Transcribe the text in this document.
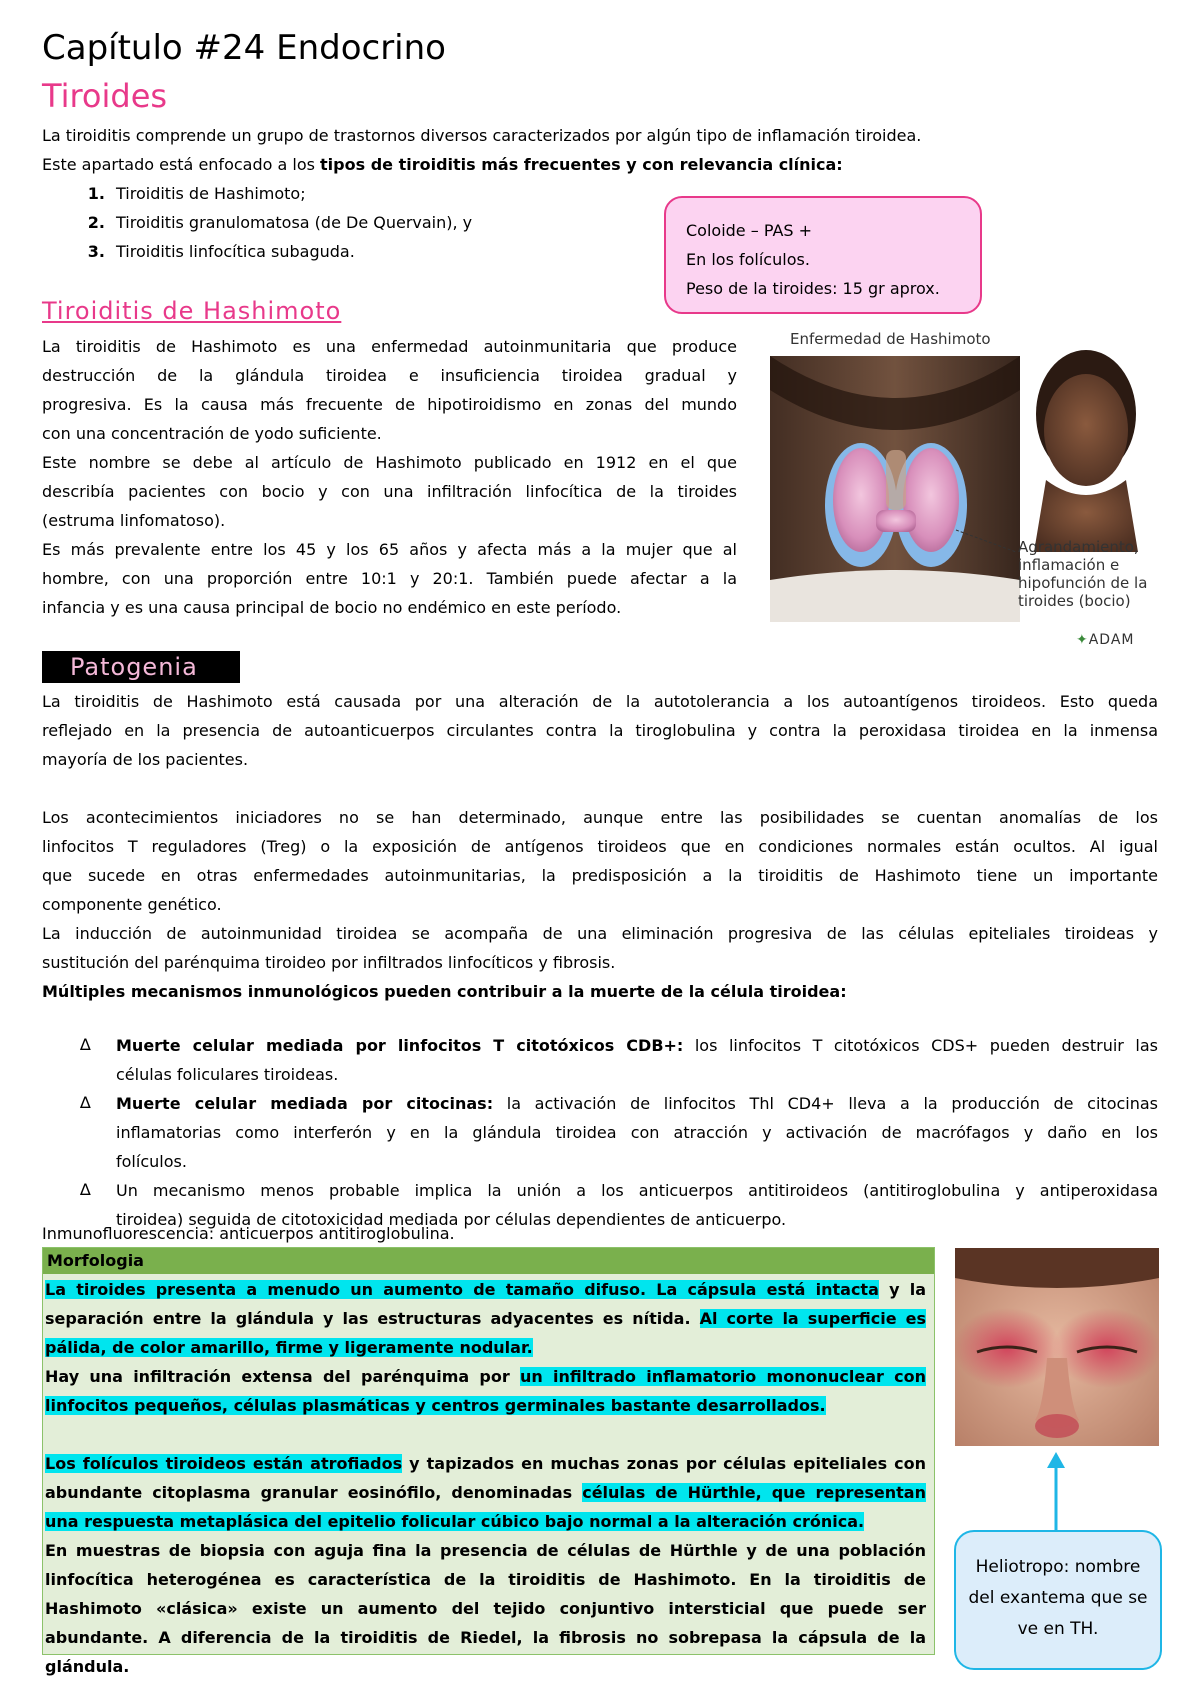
Capítulo #24 Endocrino
Tiroides
La tiroiditis comprende un grupo de trastornos diversos caracterizados por algún tipo de inflamación tiroidea.
Este apartado está enfocado a los tipos de tiroiditis más frecuentes y con relevancia clínica:
1. Tiroiditis de Hashimoto;
2. Tiroiditis granulomatosa (de De Quervain), y
3. Tiroiditis linfocítica subaguda.
Coloide – PAS +
En los folículos.
Peso de la tiroides: 15 gr aprox.
Tiroiditis de Hashimoto
La tiroiditis de Hashimoto es una enfermedad autoinmunitaria que produce
destrucción de la glándula tiroidea e insuficiencia tiroidea gradual y
progresiva. Es la causa más frecuente de hipotiroidismo en zonas del mundo
con una concentración de yodo suficiente.
Este nombre se debe al artículo de Hashimoto publicado en 1912 en el que
describía pacientes con bocio y con una infiltración linfocítica de la tiroides
(estruma linfomatoso).
Es más prevalente entre los 45 y los 65 años y afecta más a la mujer que al
hombre, con una proporción entre 10:1 y 20:1. También puede afectar a la
infancia y es una causa principal de bocio no endémico en este período.
Enfermedad de Hashimoto
Agrandamiento,
inflamación e
hipofunción de la
tiroides (bocio)
✦ADAM
Patogenia
La tiroiditis de Hashimoto está causada por una alteración de la autotolerancia a los autoantígenos tiroideos. Esto queda
reflejado en la presencia de autoanticuerpos circulantes contra la tiroglobulina y contra la peroxidasa tiroidea en la inmensa
mayoría de los pacientes.
Los acontecimientos iniciadores no se han determinado, aunque entre las posibilidades se cuentan anomalías de los
linfocitos T reguladores (Treg) o la exposición de antígenos tiroideos que en condiciones normales están ocultos. Al igual
que sucede en otras enfermedades autoinmunitarias, la predisposición a la tiroiditis de Hashimoto tiene un importante
componente genético.
La inducción de autoinmunidad tiroidea se acompaña de una eliminación progresiva de las células epiteliales tiroideas y
sustitución del parénquima tiroideo por infiltrados linfocíticos y fibrosis.
Múltiples mecanismos inmunológicos pueden contribuir a la muerte de la célula tiroidea:
∆ Muerte celular mediada por linfocitos T citotóxicos CDB+: los linfocitos T citotóxicos CDS+ pueden destruir las
células foliculares tiroideas.
∆ Muerte celular mediada por citocinas: la activación de linfocitos Thl CD4+ lleva a la producción de citocinas
inflamatorias como interferón y en la glándula tiroidea con atracción y activación de macrófagos y daño en los
folículos.
∆ Un mecanismo menos probable implica la unión a los anticuerpos antitiroideos (antitiroglobulina y antiperoxidasa
tiroidea) seguida de citotoxicidad mediada por células dependientes de anticuerpo.
Inmunofluorescencia: anticuerpos antitiroglobulina.
Morfologia
La tiroides presenta a menudo un aumento de tamaño difuso. La cápsula está intacta y la
separación entre la glándula y las estructuras adyacentes es nítida. Al corte la superficie es
pálida, de color amarillo, firme y ligeramente nodular.
Hay una infiltración extensa del parénquima por un infiltrado inflamatorio mononuclear con
linfocitos pequeños, células plasmáticas y centros germinales bastante desarrollados.
Los folículos tiroideos están atrofiados y tapizados en muchas zonas por células epiteliales con
abundante citoplasma granular eosinófilo, denominadas células de Hürthle, que representan
una respuesta metaplásica del epitelio folicular cúbico bajo normal a la alteración crónica.
En muestras de biopsia con aguja fina la presencia de células de Hürthle y de una población
linfocítica heterogénea es característica de la tiroiditis de Hashimoto. En la tiroiditis de
Hashimoto «clásica» existe un aumento del tejido conjuntivo intersticial que puede ser
abundante. A diferencia de la tiroiditis de Riedel, la fibrosis no sobrepasa la cápsula de la
glándula.
Heliotropo: nombre
del exantema que se
ve en TH.
